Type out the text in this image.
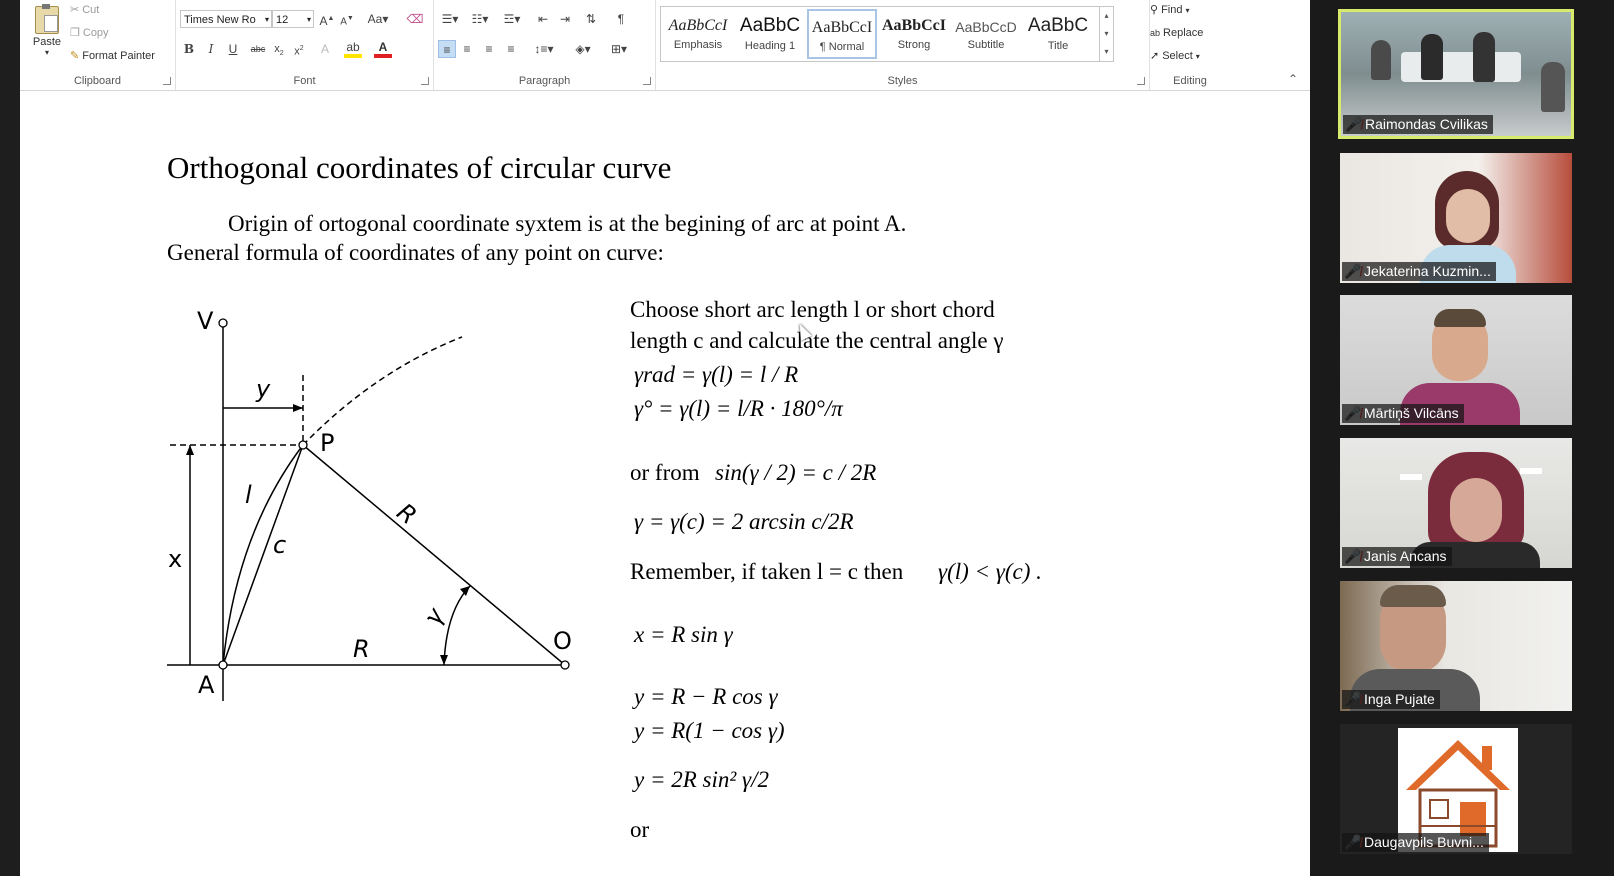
Paste
▾
✂ Cut
❐ Copy
✎ Format Painter
Clipboard
Times New Ro ▾ 12 ▾ A▲ A▼	Aa▾	⌫
B	I	U	abc $x_2$ $x^2$	A	ab	A
Font
☰▾	☷▾	☲▾	⇤ ⇥	⇅	¶
≡	≡	≡	≡	↕≡▾	◈▾	⊞▾
Paragraph
AaBbCcI
Emphasis
AaBbC
Heading 1
AaBbCcI
¶ Normal
AaBbCcI
Strong
AaBbCcD
Subtitle
AaBbC
Title
▴
▾
▾
Styles
⚲ Find ▾
ab Replace
➚ Select ▾
Editing	⌃
Orthogonal coordinates of circular curve
Origin of ortogonal coordinate syxtem is at the begining of arc at point A.
General formula of coordinates of any point on curve:
V
y
P
x
l
c
R
R
γ
O
A
Choose short arc length l or short chord
length c and calculate the central angle γ
γrad = γ(l) = l / R
γ° = γ(l) = l/R · 180°/π
or from sin(γ / 2) = c / 2R
γ = γ(c) = 2 arcsin c/2R
Remember, if taken l = c then γ(l) < γ(c) .
x = R sin γ
y = R − R cos γ
y = R(1 − cos γ)
y = 2R sin² γ/2
or
Raimondas Cvilikas
Jekaterina Kuzmin...
Mārtiņš Vilcāns
Janis Ancans
Inga Pujate
Daugavpils Buvni...
